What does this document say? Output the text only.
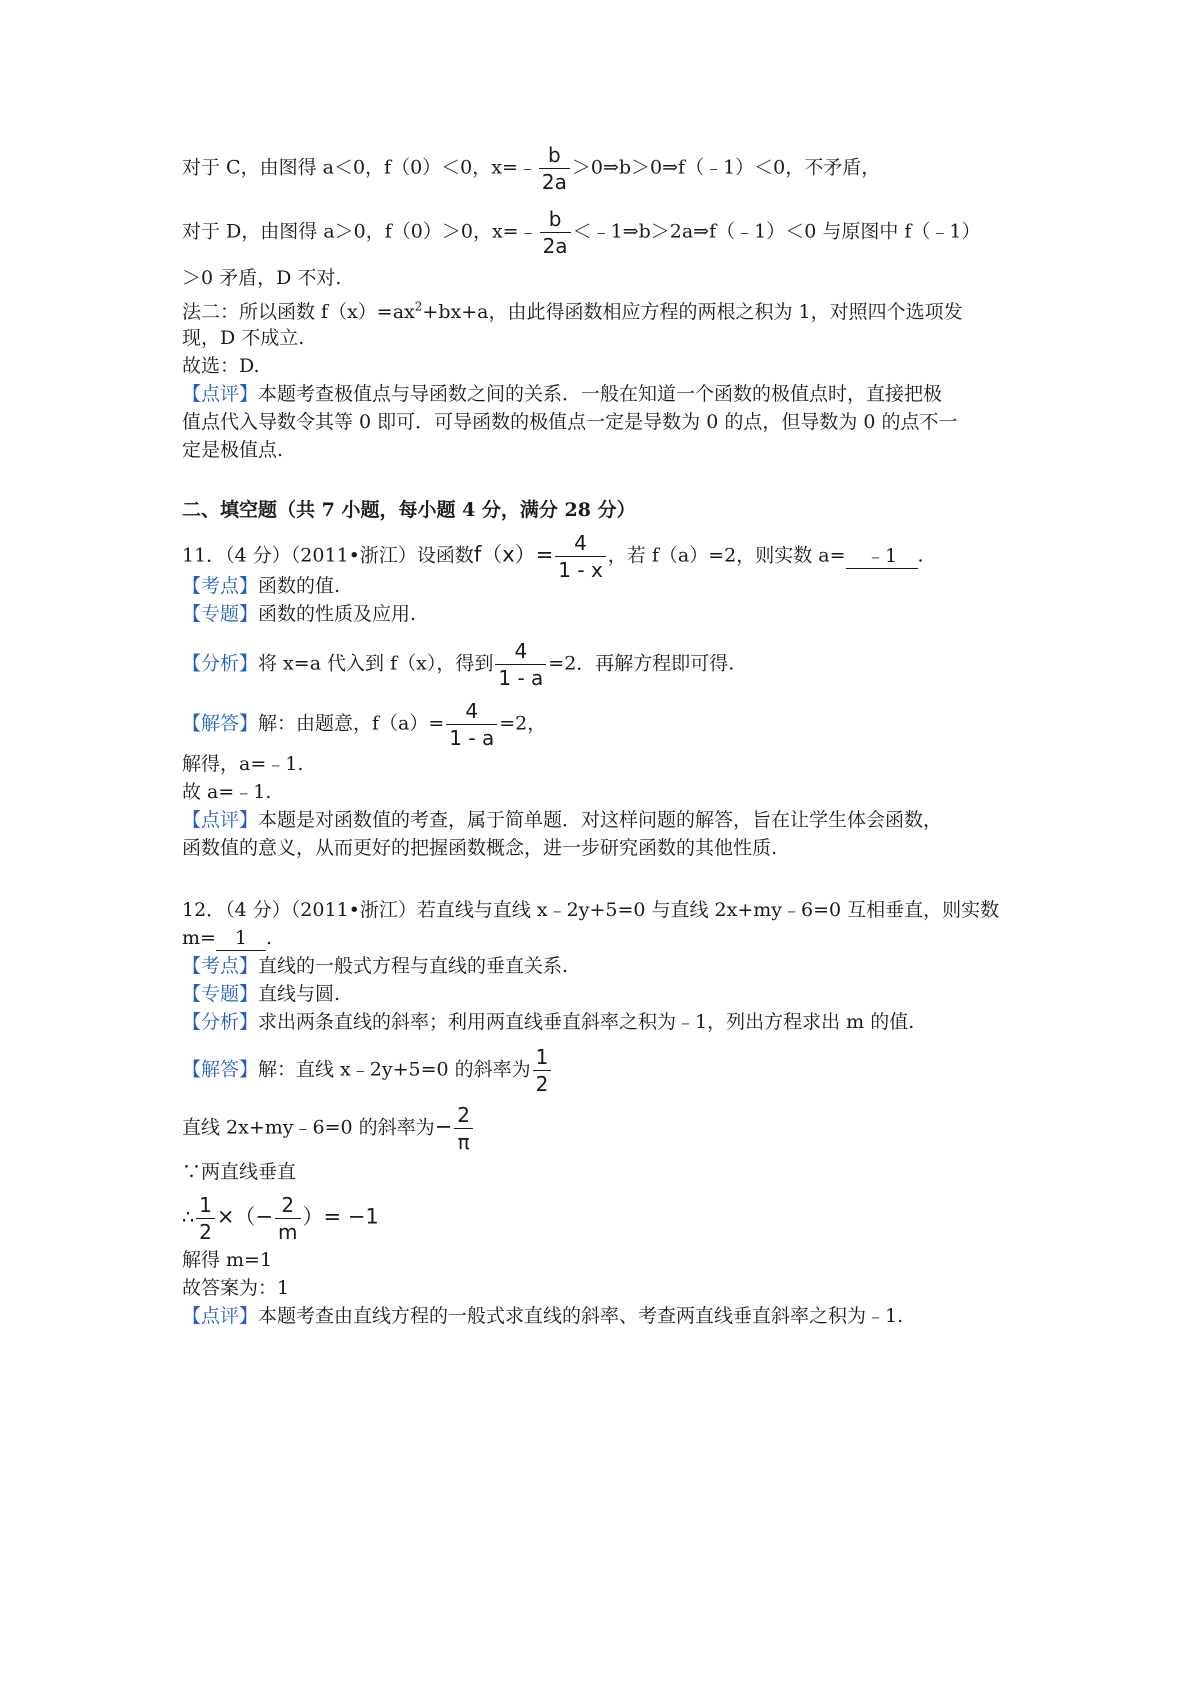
对于 C，由图得 a＜0，f（0）＜0，x=﹣ $\frac{b}{2a}$ ＞0⇒b＞0⇒f（﹣1）＜0，不矛盾，
对于 D，由图得 a＞0，f（0）＞0，x=﹣ $\frac{b}{2a}$ ＜﹣1⇒b＞2a⇒f（﹣1）＜0 与原图中 f（﹣1）
＞0 矛盾，D 不对.
法二：所以函数 $f(x)=ax^2+bx+a$，由此得函数相应方程的两根之积为 1，对照四个选项发
现，D 不成立.
故选：D.
【点评】本题考查极值点与导函数之间的关系．一般在知道一个函数的极值点时，直接把极
值点代入导数令其等 0 即可．可导函数的极值点一定是导数为 0 的点，但导数为 0 的点不一
定是极值点.
二、填空题（共 7 小题，每小题 4 分，满分 28 分）
11．（4 分）（2011•浙江）设函数$f(x)= \frac{4}{1 - x}$ ，若 f（a）=2，则实数 a= ﹣1 .
【考点】函数的值.
【专题】函数的性质及应用.
【分析】将 x=a 代入到 f（x），得到 $\frac{4}{1 - a} =2$．再解方程即可得.
【解答】解：由题意，$f(a)= \frac{4}{1 - a} =2$，
解得，a=﹣1.
故 a=﹣1.
【点评】本题是对函数值的考查，属于简单题．对这样问题的解答，旨在让学生体会函数，
函数值的意义，从而更好的把握函数概念，进一步研究函数的其他性质.
12．（4 分）（2011•浙江）若直线与直线 x﹣2y+5=0 与直线 2x+my﹣6=0 互相垂直，则实数
m= 1 .
【考点】直线的一般式方程与直线的垂直关系.
【专题】直线与圆.
【分析】求出两条直线的斜率；利用两直线垂直斜率之积为﹣1，列出方程求出 m 的值.
【解答】解：直线 x﹣2y+5=0 的斜率为 $\frac{1}{2}$
直线 2x+my﹣6=0 的斜率为− $\frac{2}{\pi}$
∵两直线垂直
∴ $\frac{1}{2}$ ×（− $\frac{2}{m}$ ）= −1
解得 m=1
故答案为：1
【点评】本题考查由直线方程的一般式求直线的斜率、考查两直线垂直斜率之积为﹣1.
